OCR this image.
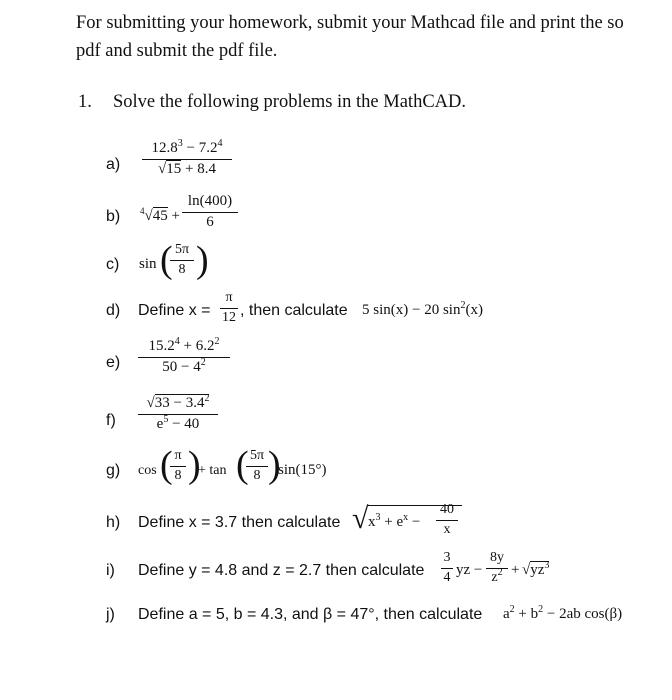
For submitting your homework, submit your Mathcad file and print the so
pdf and submit the pdf file.
1. Solve the following problems in the MathCAD.
a)
$12.8^3 - 7.2^4$
√15 + 8.4
b) $^4$√45 +
ln(400)
6
c) sin ( 5π
8 )
d) Define x =
π
12 , then calculate 5 sin(x) − 20 $\sin^2(x)$
e)
$15.2^4 + 6.2^2$
$50 - 4^2$
f)
$√33 - 3.4^2$
$e^5 - 40$
g) cos ( π
8 )
+ tan ( 5π
8 )
sin(15°)
h) Define x = 3.7 then calculate √ $x^3 + e^x$ −
40
x
i) Define y = 4.8 and z = 2.7 then calculate
3
4 yz −
8y
$z^2 + √yz^3$
j) Define a = 5, b = 4.3, and β = 47°, then calculate $a^2 + b^2 - 2ab$ cos(β)
